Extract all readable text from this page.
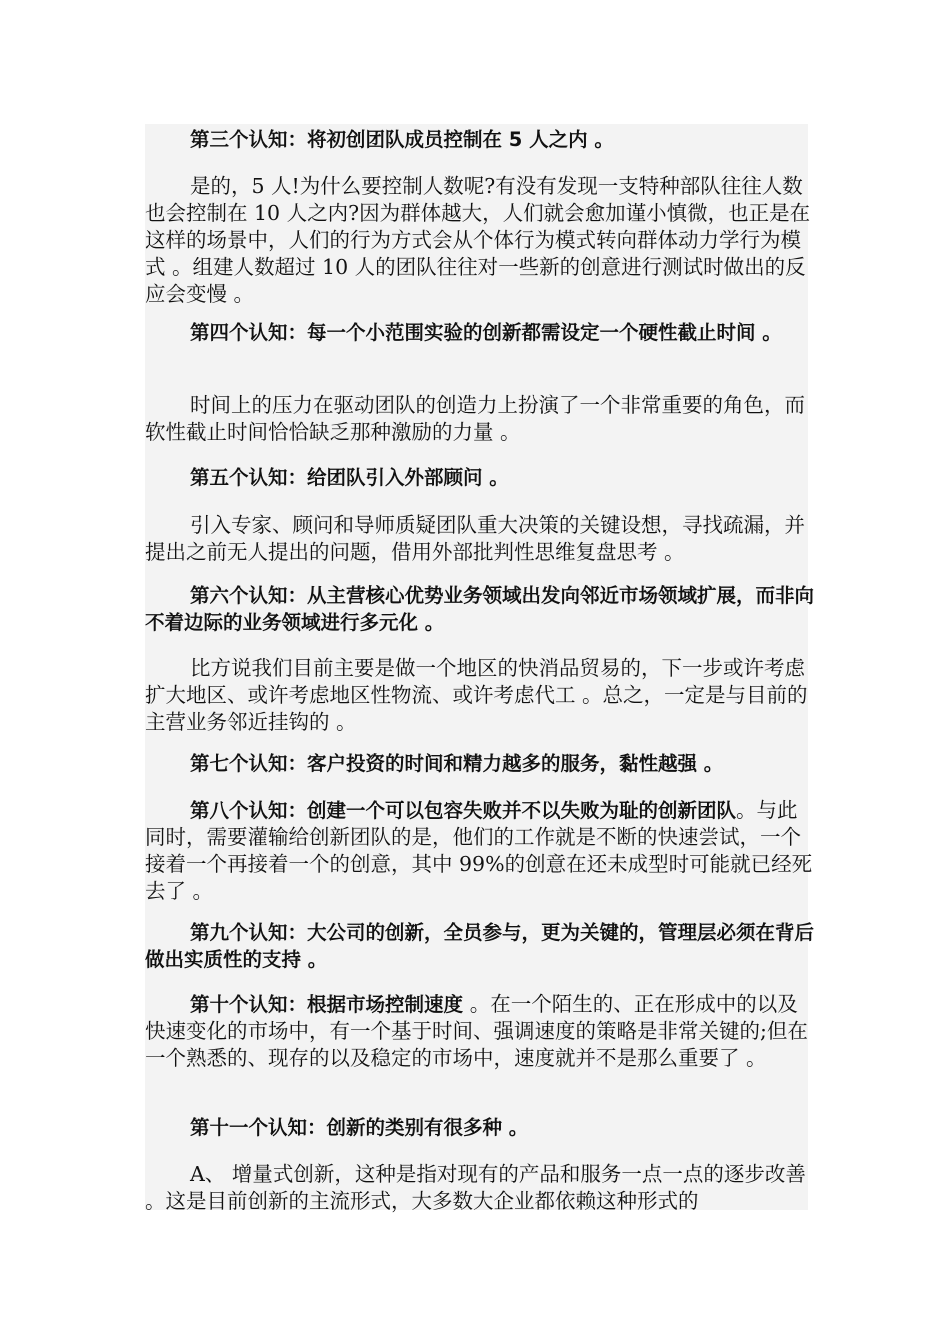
第三个认知：将初创团队成员控制在 5 人之内 。

是的，5 人!为什么要控制人数呢?有没有发现一支特种部队往往人数也会控制在 10 人之内?因为群体越大，人们就会愈加谨小慎微，也正是在这样的场景中，人们的行为方式会从个体行为模式转向群体动力学行为模式 。组建人数超过 10 人的团队往往对一些新的创意进行测试时做出的反应会变慢 。

第四个认知：每一个小范围实验的创新都需设定一个硬性截止时间 。

时间上的压力在驱动团队的创造力上扮演了一个非常重要的角色，而软性截止时间恰恰缺乏那种激励的力量 。

第五个认知：给团队引入外部顾问 。

引入专家、顾问和导师质疑团队重大决策的关键设想，寻找疏漏，并提出之前无人提出的问题，借用外部批判性思维复盘思考 。

第六个认知：从主营核心优势业务领域出发向邻近市场领域扩展，而非向不着边际的业务领域进行多元化 。

比方说我们目前主要是做一个地区的快消品贸易的，下一步或许考虑扩大地区、或许考虑地区性物流、或许考虑代工 。总之，一定是与目前的主营业务邻近挂钩的 。

第七个认知：客户投资的时间和精力越多的服务，黏性越强 。

第八个认知：创建一个可以包容失败并不以失败为耻的创新团队。与此同时，需要灌输给创新团队的是，他们的工作就是不断的快速尝试，一个接着一个再接着一个的创意，其中 99%的创意在还未成型时可能就已经死去了 。

第九个认知：大公司的创新，全员参与，更为关键的，管理层必须在背后做出实质性的支持 。

第十个认知：根据市场控制速度 。在一个陌生的、正在形成中的以及快速变化的市场中，有一个基于时间、强调速度的策略是非常关键的;但在一个熟悉的、现存的以及稳定的市场中，速度就并不是那么重要了 。

第十一个认知：创新的类别有很多种 。

A、 增量式创新，这种是指对现有的产品和服务一点一点的逐步改善 。这是目前创新的主流形式，大多数大企业都依赖这种形式的
